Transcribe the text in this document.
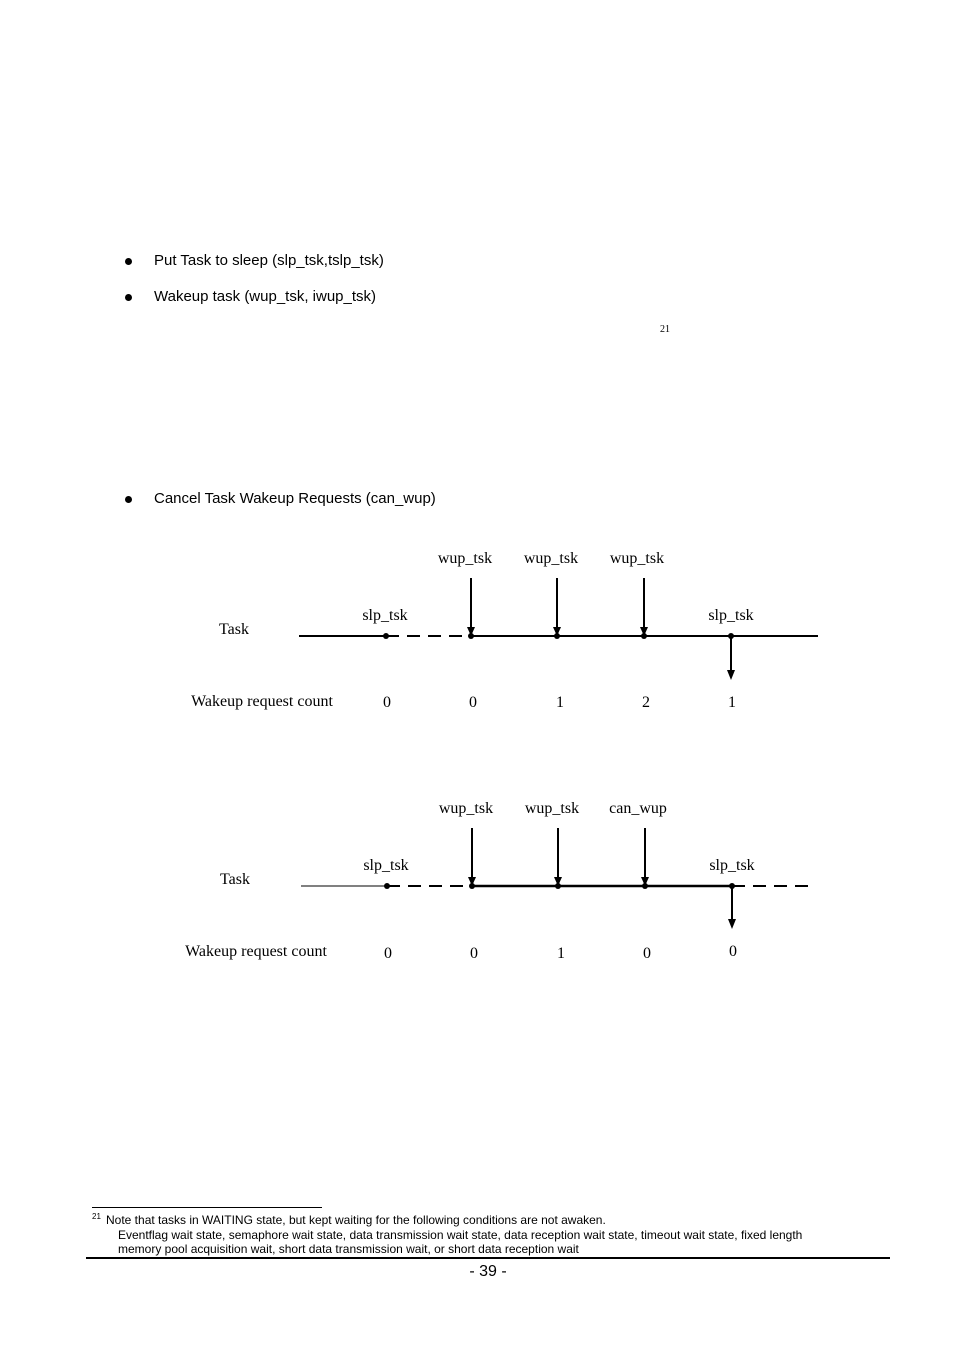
Put Task to sleep (slp_tsk,tslp_tsk)
Wakeup task (wup_tsk, iwup_tsk)
21
Cancel Task Wakeup Requests (can_wup)
wup_tsk wup_tsk wup_tsk
slp_tsk	slp_tsk
Task
Wakeup request count	0	0	1	2	1
wup_tsk wup_tsk can_wup
slp_tsk	slp_tsk
Task
Wakeup request count	0	0	1	0	0
21 Note that tasks in WAITING state, but kept waiting for the following conditions are not awaken.
Eventflag wait state, semaphore wait state, data transmission wait state, data reception wait state, timeout wait state, fixed length
memory pool acquisition wait, short data transmission wait, or short data reception wait
- 39 -
